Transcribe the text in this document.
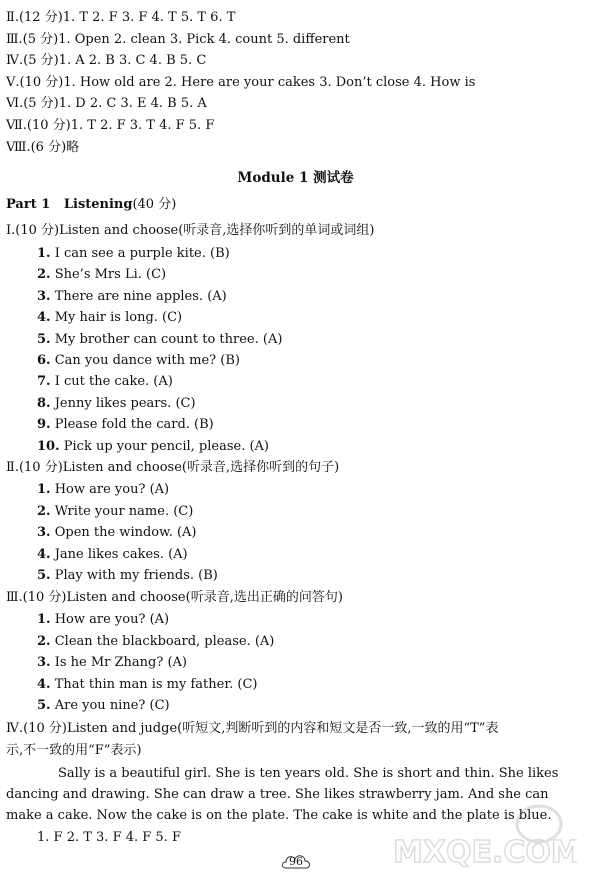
Ⅱ.(12 分)1. T 2. F 3. F 4. T 5. T 6. T
Ⅲ.(5 分)1. Open 2. clean 3. Pick 4. count 5. different
Ⅳ.(5 分)1. A 2. B 3. C 4. B 5. C
Ⅴ.(10 分)1. How old are 2. Here are your cakes 3. Don’t close 4. How is
Ⅵ.(5 分)1. D 2. C 3. E 4. B 5. A
Ⅶ.(10 分)1. T 2. F 3. T 4. F 5. F
Ⅷ.(6 分)略
Module 1 测试卷
Part 1 Listening(40 分)
Ⅰ.(10 分)Listen and choose(听录音,选择你听到的单词或词组)
1. I can see a purple kite. (B)
2. She’s Mrs Li. (C)
3. There are nine apples. (A)
4. My hair is long. (C)
5. My brother can count to three. (A)
6. Can you dance with me? (B)
7. I cut the cake. (A)
8. Jenny likes pears. (C)
9. Please fold the card. (B)
10. Pick up your pencil, please. (A)
Ⅱ.(10 分)Listen and choose(听录音,选择你听到的句子)
1. How are you? (A)
2. Write your name. (C)
3. Open the window. (A)
4. Jane likes cakes. (A)
5. Play with my friends. (B)
Ⅲ.(10 分)Listen and choose(听录音,选出正确的问答句)
1. How are you? (A)
2. Clean the blackboard, please. (A)
3. Is he Mr Zhang? (A)
4. That thin man is my father. (C)
5. Are you nine? (C)
Ⅳ.(10 分)Listen and judge(听短文,判断听到的内容和短文是否一致,一致的用“T”表
示,不一致的用“F”表示)
Sally is a beautiful girl. She is ten years old. She is short and thin. She likes dancing and drawing. She can draw a tree. She likes strawberry jam. And she can make a cake. Now the cake is on the plate. The cake is white and the plate is blue.
1. F 2. T 3. F 4. F 5. F
96	MXQE.COM
